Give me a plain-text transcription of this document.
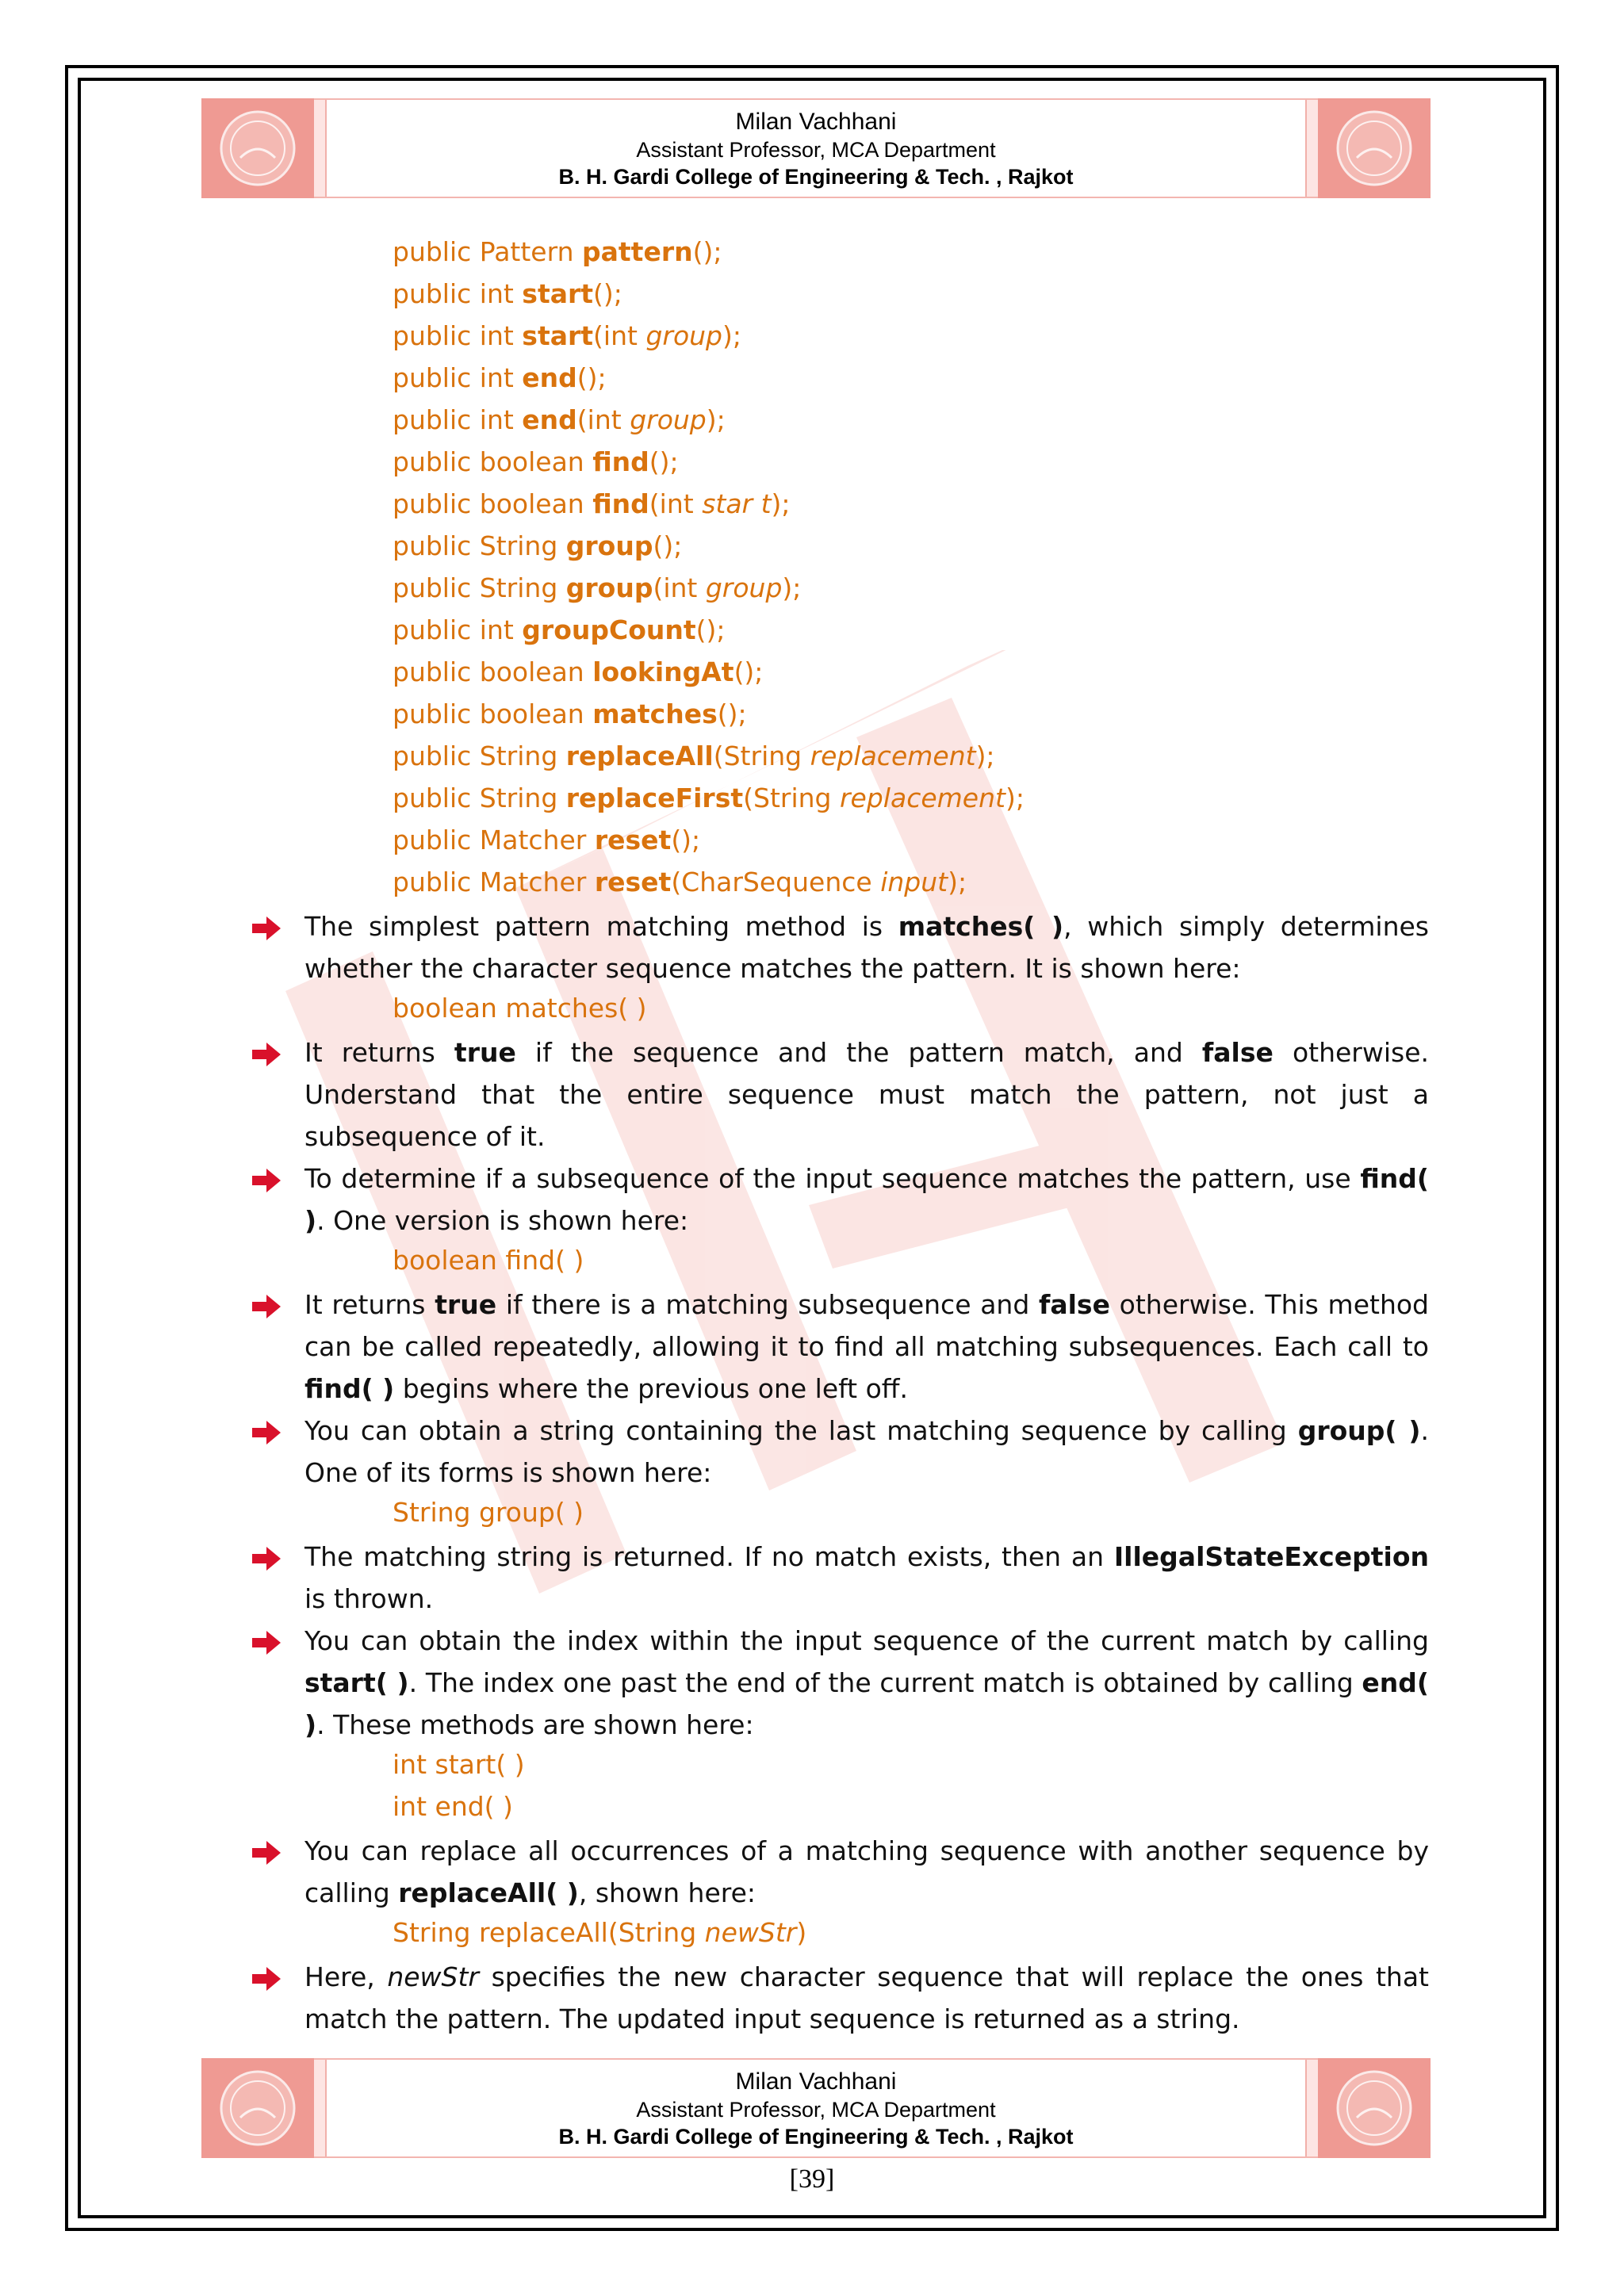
Milan Vachhani
Assistant Professor, MCA Department
B. H. Gardi College of Engineering & Tech. , Rajkot
public Pattern pattern();
public int start();
public int start(int group);
public int end();
public int end(int group);
public boolean find();
public boolean find(int star t);
public String group();
public String group(int group);
public int groupCount();
public boolean lookingAt();
public boolean matches();
public String replaceAll(String replacement);
public String replaceFirst(String replacement);
public Matcher reset();
public Matcher reset(CharSequence input);
The simplest pattern matching method is matches( ), which simply determines whether the character sequence matches the pattern. It is shown here:
boolean matches( )
It returns true if the sequence and the pattern match, and false otherwise. Understand that the entire sequence must match the pattern, not just a subsequence of it.
To determine if a subsequence of the input sequence matches the pattern, use find( ). One version is shown here:
boolean find( )
It returns true if there is a matching subsequence and false otherwise. This method can be called repeatedly, allowing it to find all matching subsequences. Each call to find( ) begins where the previous one left off.
You can obtain a string containing the last matching sequence by calling group( ). One of its forms is shown here:
String group( )
The matching string is returned. If no match exists, then an IllegalStateException is thrown.
You can obtain the index within the input sequence of the current match by calling start( ). The index one past the end of the current match is obtained by calling end( ). These methods are shown here:
int start( )
int end( )
You can replace all occurrences of a matching sequence with another sequence by calling replaceAll( ), shown here:
String replaceAll(String newStr)
Here, newStr specifies the new character sequence that will replace the ones that match the pattern. The updated input sequence is returned as a string.
Milan Vachhani
Assistant Professor, MCA Department
B. H. Gardi College of Engineering & Tech. , Rajkot
[39]
